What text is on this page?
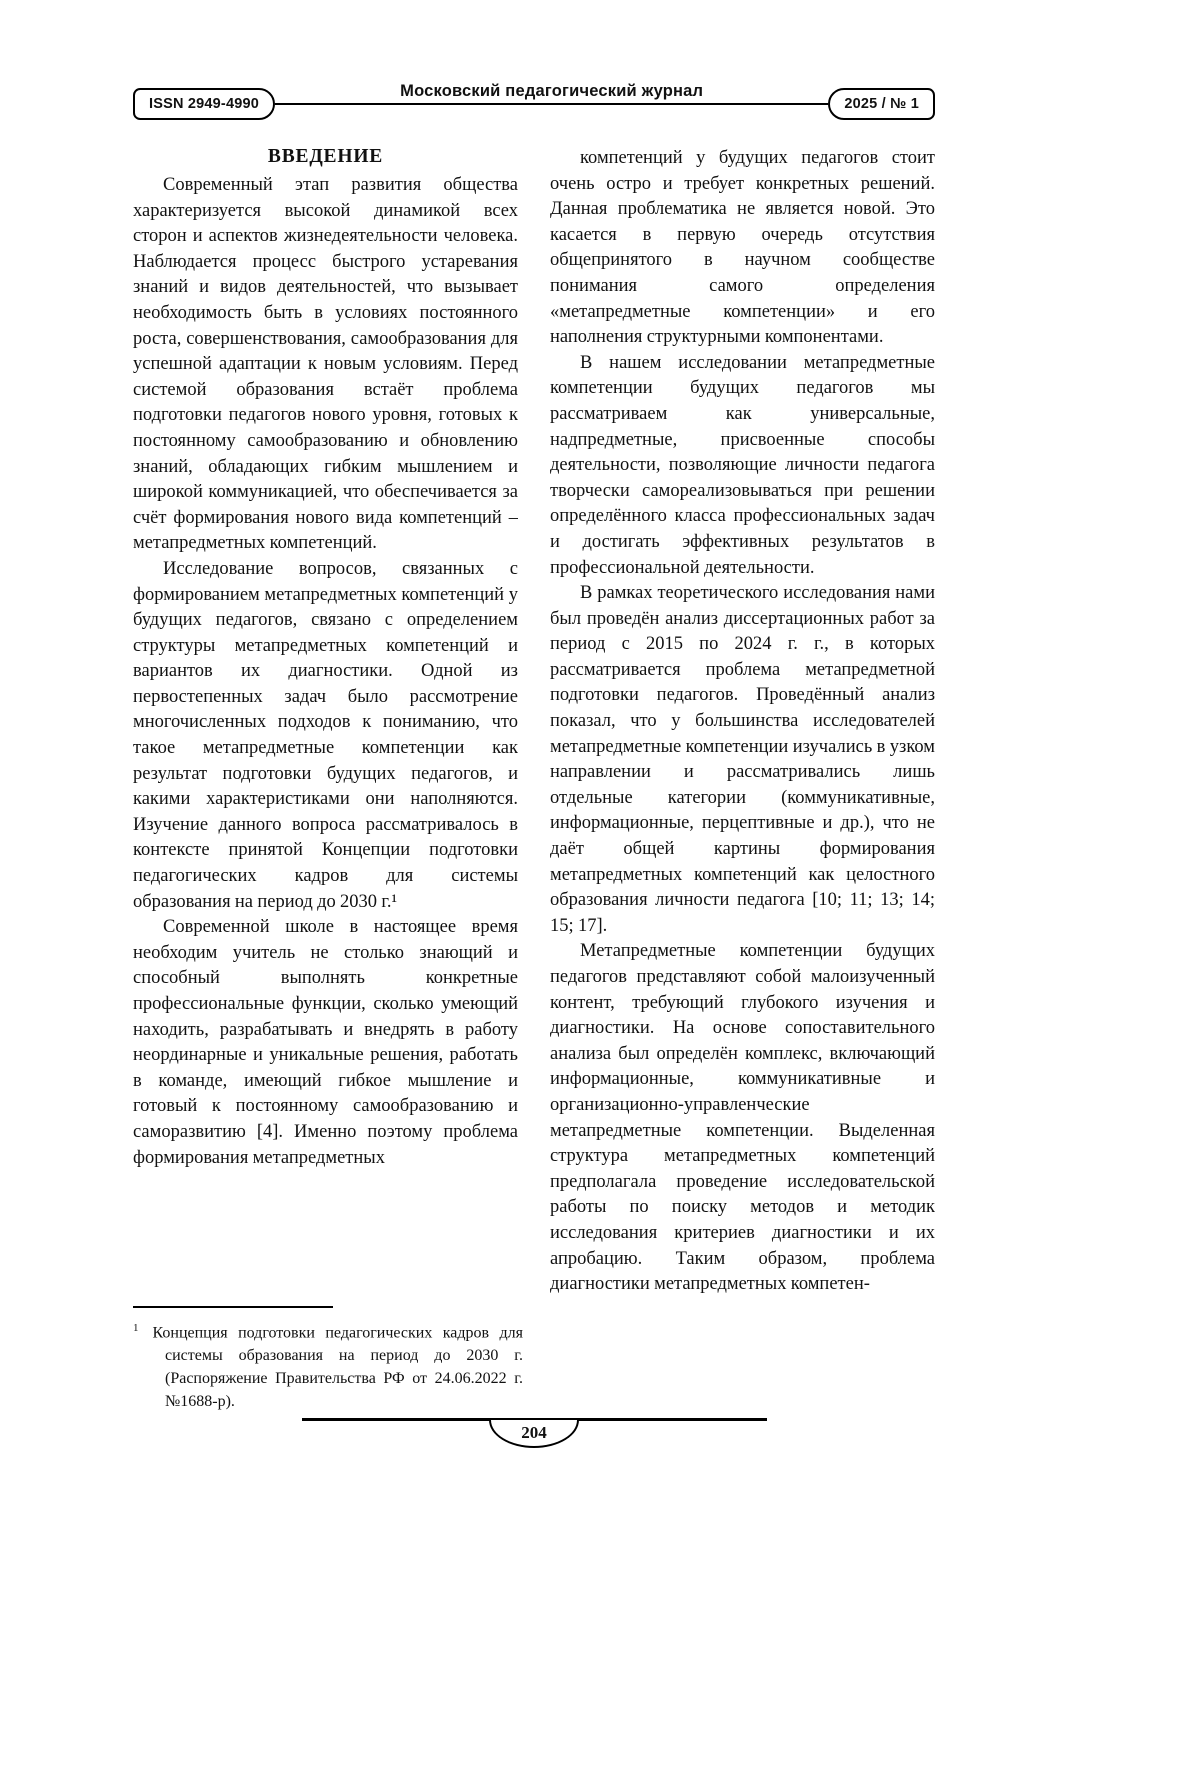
ISSN 2949-4990
Московский педагогический журнал
2025 / № 1
ВВЕДЕНИЕ

Современный этап развития общества характеризуется высокой динамикой всех сторон и аспектов жизнедеятельности человека. Наблюдается процесс быстрого устаревания знаний и видов деятельностей, что вызывает необходимость быть в условиях постоянного роста, совершенствования, самообразования для успешной адаптации к новым условиям. Перед системой образования встаёт проблема подготовки педагогов нового уровня, готовых к постоянному самообразованию и обновлению знаний, обладающих гибким мышлением и широкой коммуникацией, что обеспечивается за счёт формирования нового вида компетенций – метапредметных компетенций.

Исследование вопросов, связанных с формированием метапредметных компетенций у будущих педагогов, связано с определением структуры метапредметных компетенций и вариантов их диагностики. Одной из первостепенных задач было рассмотрение многочисленных подходов к пониманию, что такое метапредметные компетенции как результат подготовки будущих педагогов, и какими характеристиками они наполняются. Изучение данного вопроса рассматривалось в контексте принятой Концепции подготовки педагогических кадров для системы образования на период до 2030 г.¹

Современной школе в настоящее время необходим учитель не столько знающий и способный выполнять конкретные профессиональные функции, сколько умеющий находить, разрабатывать и внедрять в работу неординарные и уникальные решения, работать в команде, имеющий гибкое мышление и готовый к постоянному самообразованию и саморазвитию [4]. Именно поэтому проблема формирования метапредметных

компетенций у будущих педагогов стоит очень остро и требует конкретных решений. Данная проблематика не является новой. Это касается в первую очередь отсутствия общепринятого в научном сообществе понимания самого определения «метапредметные компетенции» и его наполнения структурными компонентами.

В нашем исследовании метапредметные компетенции будущих педагогов мы рассматриваем как универсальные, надпредметные, присвоенные способы деятельности, позволяющие личности педагога творчески самореализовываться при решении определённого класса профессиональных задач и достигать эффективных результатов в профессиональной деятельности.

В рамках теоретического исследования нами был проведён анализ диссертационных работ за период с 2015 по 2024 г. г., в которых рассматривается проблема метапредметной подготовки педагогов. Проведённый анализ показал, что у большинства исследователей метапредметные компетенции изучались в узком направлении и рассматривались лишь отдельные категории (коммуникативные, информационные, перцептивные и др.), что не даёт общей картины формирования метапредметных компетенций как целостного образования личности педагога [10; 11; 13; 14; 15; 17].

Метапредметные компетенции будущих педагогов представляют собой малоизученный контент, требующий глубокого изучения и диагностики. На основе сопоставительного анализа был определён комплекс, включающий информационные, коммуникативные и организационно-управленческие метапредметные компетенции. Выделенная структура метапредметных компетенций предполагала проведение исследовательской работы по поиску методов и методик исследования критериев диагностики и их апробацию. Таким образом, проблема диагностики метапредметных компетен-

$^1$ Концепция подготовки педагогических кадров для системы образования на период до 2030 г. (Распоряжение Правительства РФ от 24.06.2022 г. №1688-р).

204
